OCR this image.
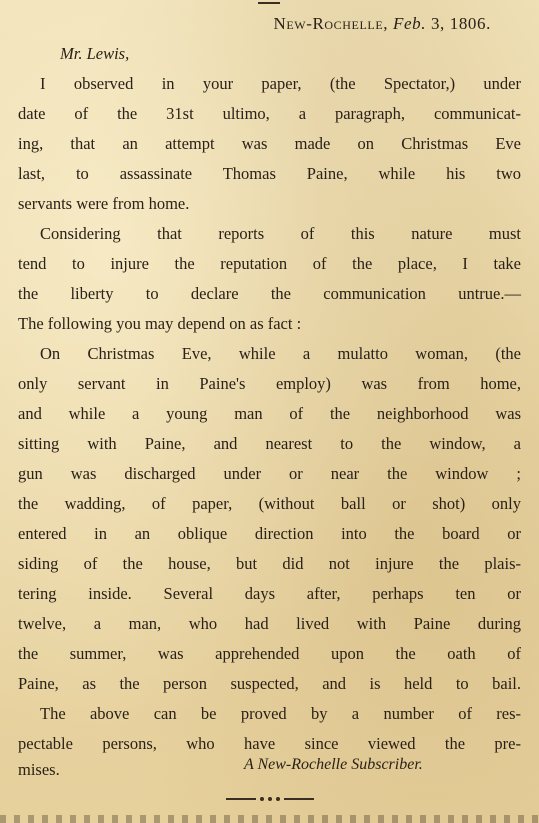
New-Rochelle, Feb. 3, 1806.
Mr. Lewis,
I observed in your paper, (the Spectator,) under
date of the 31st ultimo, a paragraph, communicat-
ing, that an attempt was made on Christmas Eve
last, to assassinate Thomas Paine, while his two
servants were from home.
Considering that reports of this nature must
tend to injure the reputation of the place, I take
the liberty to declare the communication untrue.—
The following you may depend on as fact :
On Christmas Eve, while a mulatto woman, (the
only servant in Paine's employ) was from home,
and while a young man of the neighborhood was
sitting with Paine, and nearest to the window, a
gun was discharged under or near the window ;
the wadding, of paper, (without ball or shot) only
entered in an oblique direction into the board or
siding of the house, but did not injure the plais-
tering inside. Several days after, perhaps ten or
twelve, a man, who had lived with Paine during
the summer, was apprehended upon the oath of
Paine, as the person suspected, and is held to bail.
The above can be proved by a number of res-
pectable persons, who have since viewed the pre-
mises.	A New-Rochelle Subscriber.
